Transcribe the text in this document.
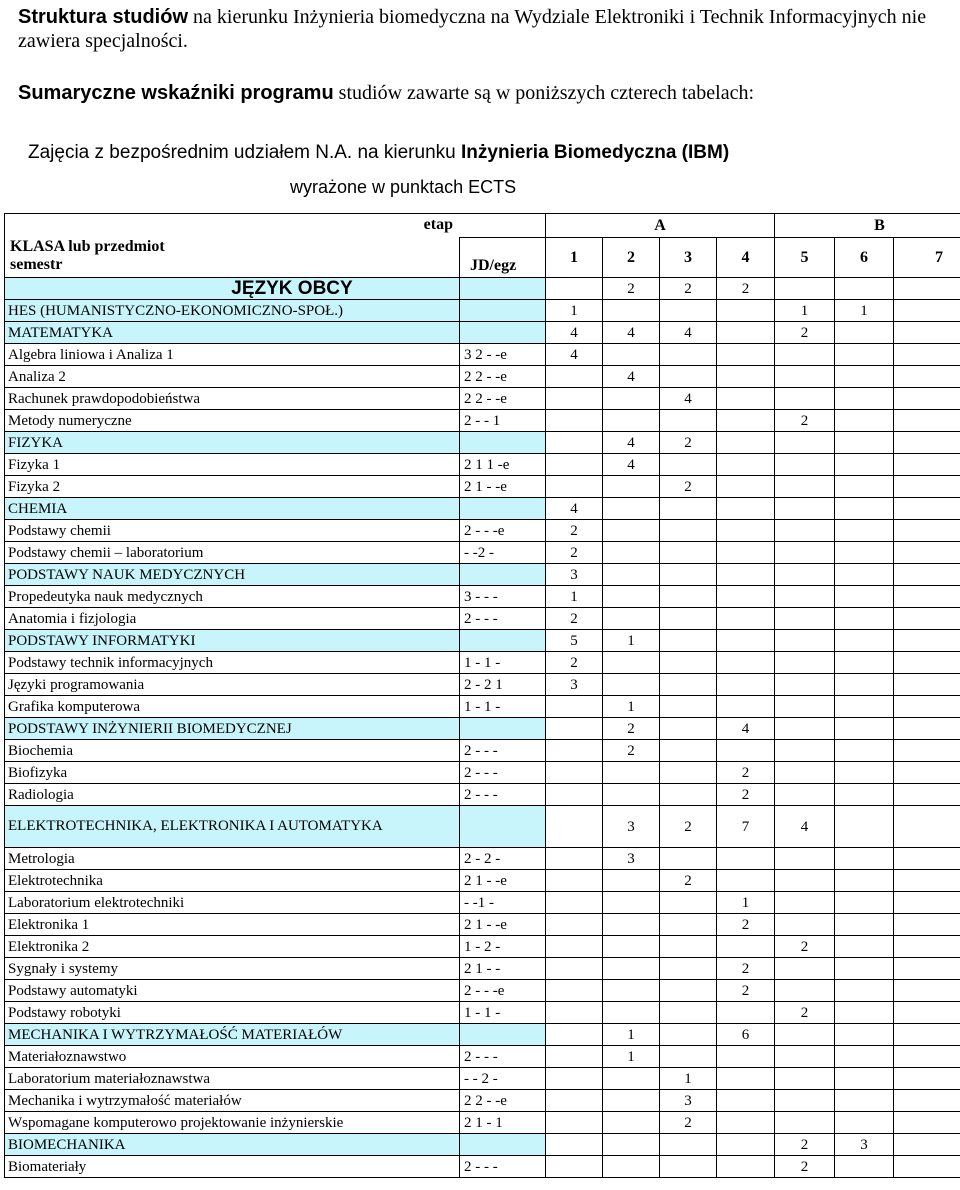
Struktura studiów na kierunku Inżynieria biomedyczna na Wydziale Elektroniki i Technik Informacyjnych nie zawiera specjalności.
Sumaryczne wskaźniki programu studiów zawarte są w poniższych czterech tabelach:
Zajęcia z bezpośrednim udziałem N.A. na kierunku Inżynieria Biomedyczna (IBM)
wyrażone w punktach ECTS
etap
KLASA lub przedmiot
semestr		A				B		
	JD/egz	1	2	3	4	5	6	7
JĘZYK OBCY			2	2	2			
HES (HUMANISTYCZNO-EKONOMICZNO-SPOŁ.)		1				1	1	
MATEMATYKA		4	4	4		2		
Algebra liniowa i Analiza 1	3 2 - -e	4						
Analiza 2	2 2 - -e		4					
Rachunek prawdopodobieństwa	2 2 - -e			4				
Metody numeryczne	2 - - 1					2		
FIZYKA			4	2				
Fizyka 1	2 1 1 -e		4					
Fizyka 2	2 1 - -e			2				
CHEMIA		4						
Podstawy chemii	2 - - -e	2						
Podstawy chemii – laboratorium	- -2 -	2						
PODSTAWY NAUK MEDYCZNYCH		3						
Propedeutyka nauk medycznych	3 - - -	1						
Anatomia i fizjologia	2 - - -	2						
PODSTAWY INFORMATYKI		5	1					
Podstawy technik informacyjnych	1 - 1 -	2						
Języki programowania	2 - 2 1	3						
Grafika komputerowa	1 - 1 -		1					
PODSTAWY INŻYNIERII BIOMEDYCZNEJ			2		4			
Biochemia	2 - - -		2					
Biofizyka	2 - - -				2			
Radiologia	2 - - -				2			
ELEKTROTECHNIKA, ELEKTRONIKA I AUTOMATYKA			3	2	7	4		
Metrologia	2 - 2 -		3					
Elektrotechnika	2 1 - -e			2				
Laboratorium elektrotechniki	- -1 -				1			
Elektronika 1	2 1 - -e				2			
Elektronika 2	1 - 2 -					2		
Sygnały i systemy	2 1 - -				2			
Podstawy automatyki	2 - - -e				2			
Podstawy robotyki	1 - 1 -					2		
MECHANIKA I WYTRZYMAŁOŚĆ MATERIAŁÓW			1		6			
Materiałoznawstwo	2 - - -		1					
Laboratorium materiałoznawstwa	- - 2 -			1				
Mechanika i wytrzymałość materiałów	2 2 - -e			3				
Wspomagane komputerowo projektowanie inżynierskie	2 1 - 1			2				
BIOMECHANIKA						2	3	
Biomateriały	2 - - -					2		
